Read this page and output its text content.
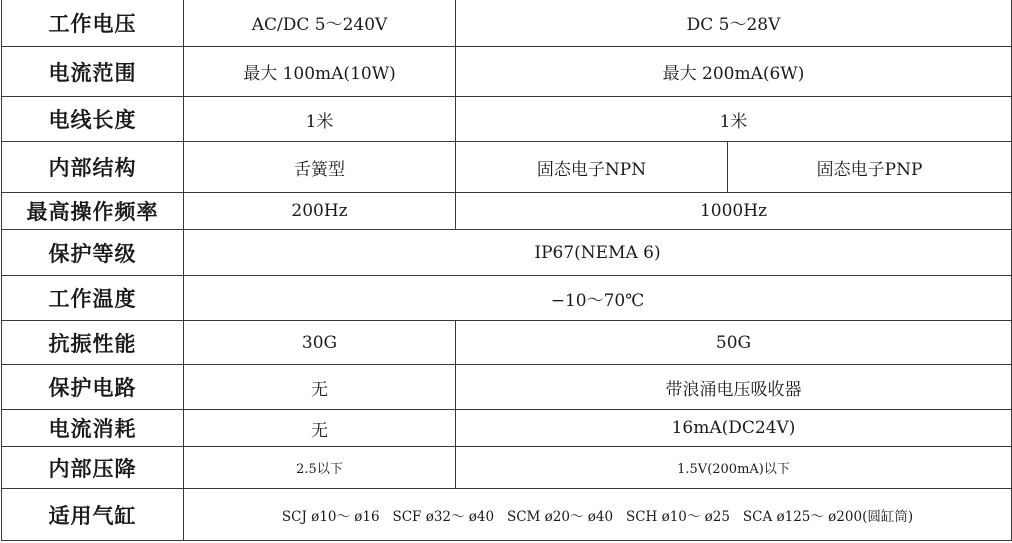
工作电压	AC/DC 5～240V	DC 5～28V	
电流范围	最大 100mA(10W)	最大 200mA(6W)	
电线长度	1米	1米	
内部结构	舌簧型	固态电子NPN	固态电子PNP
最高操作频率	200Hz	1000Hz	
保护等级	IP67(NEMA 6)		
工作温度	−10～70℃		
抗振性能	30G	50G	
保护电路	无	带浪涌电压吸收器	
电流消耗	无	16mA(DC24V)	
内部压降	2.5以下	1.5V(200mA)以下	
适用气缸	SCJ ø10～ ø16   SCF ø32～ ø40   SCM ø20～ ø40   SCH ø10～ ø25   SCA ø125～ ø200(圆缸筒)		
